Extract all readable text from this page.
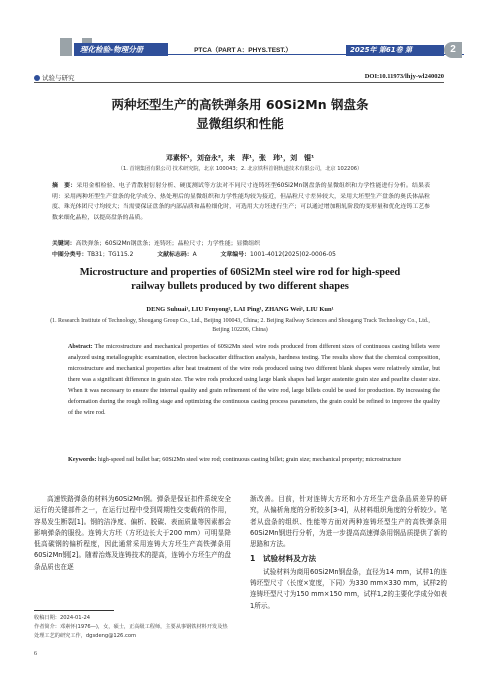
理化检验-物理分册	PTCA（PART A：PHYS.TEST.）	2025年 第61卷 第	2
试验与研究	DOI:10.11973/lhjy-wl240020
两种坯型生产的高铁弹条用 60Si2Mn 钢盘条
显微组织和性能
邓素怀¹，刘奋永²，来　萍¹，张　玮¹，刘　锟¹
（1. 首钢集团有限公司 技术研究院，北京 100043；2. 北京铁科首钢轨道技术有限公司，北京 102206）
摘　要：采用金相检验、电子背散射衍射分析、硬度测试等方法对不同尺寸连铸坯型60Si2Mn钢盘条的显微组织和力学性能进行分析。结果表明：采用两种坯型生产盘条的化学成分、热处理后的显微组织和力学性能均较为接近，但晶粒尺寸差异较大，采用大坯型生产盘条的奥氏体晶粒度、珠光体团尺寸均较大；当需要保证盘条的内部品质和晶粒细化时，可选用大方坯进行生产；可以通过增加粗轧阶段的变形量和优化连铸工艺参数来细化晶粒，以提高盘条的品质。
关键词：高铁弹条；60Si2Mn钢盘条；连铸坯；晶粒尺寸；力学性能；显微组织
中图分类号：TB31；TG115.2	文献标志码：A	文章编号：1001-4012(2025)02-0006-05
Microstructure and properties of 60Si2Mn steel wire rod for high-speed
railway bullets produced by two different shapes
DENG Suhuai¹, LIU Fenyong², LAI Ping¹, ZHANG Wei¹, LIU Kun¹
(1. Research Institute of Technology, Shougang Group Co., Ltd., Beijing 100043, China; 2. Beijing Railway Sciences and Shougang Track Technology Co., Ltd., Beijing 102206, China)
Abstract: The microstructure and mechanical properties of 60Si2Mn steel wire rods produced from different sizes of continuous casting billets were analyzed using metallographic examination, electron backscatter diffraction analysis, hardness testing. The results show that the chemical composition, microstructure and mechanical properties after heat treatment of the wire rods produced using two different blank shapes were relatively similar, but there was a significant difference in grain size. The wire rods produced using large blank shapes had larger austenite grain size and pearlite cluster size. When it was necessary to ensure the internal quality and grain refinement of the wire rod, large billets could be used for production. By increasing the deformation during the rough rolling stage and optimizing the continuous casting process parameters, the grain could be refined to improve the quality of the wire rod.
Keywords: high-speed rail bullet bar; 60Si2Mn steel wire rod; continuous casting billet; grain size; mechanical property; microstructure

高速铁路弹条的材料为60Si2Mn钢。弹条是保证扣件系统安全运行的关键部件之一，在运行过程中受到周期性交变载荷的作用，容易发生断裂[1]。钢的洁净度、偏析、脱碳、表面质量等因素都会影响弹条的服役。连铸大方坯（方坯边长大于200 mm）可明显降低高碳钢的偏析程度，因此通常采用连铸大方坯生产高铁弹条用60Si2Mn钢[2]。随着治炼及连铸技术的提高，连铸小方坯生产的盘条品质也在逐

渐改善。目前，针对连铸大方坯和小方坯生产盘条品质差异的研究，从偏析角度的分析较多[3-4]，从材料组织角度的分析较少。笔者从盘条的组织、性能等方面对两种连铸坯型生产的高铁弹条用60Si2Mn钢进行分析，为进一步提高高速弹条用钢品质提供了新的思路和方法。

1　试验材料及方法

试验材料为商用60Si2Mn钢盘条，直径为14 mm，试样1的连铸坯型尺寸（长度×宽度，下同）为330 mm×330 mm，试样2的连铸坯型尺寸为150 mm×150 mm，试样1,2的主要化学成分如表1所示。

收稿日期：2024-01-24
作者简介：邓素怀(1976—)，女，硕士，正高级工程师，主要从事钢铁材料开发及热处理工艺的研究工作，dgsdeng@126.com
6
